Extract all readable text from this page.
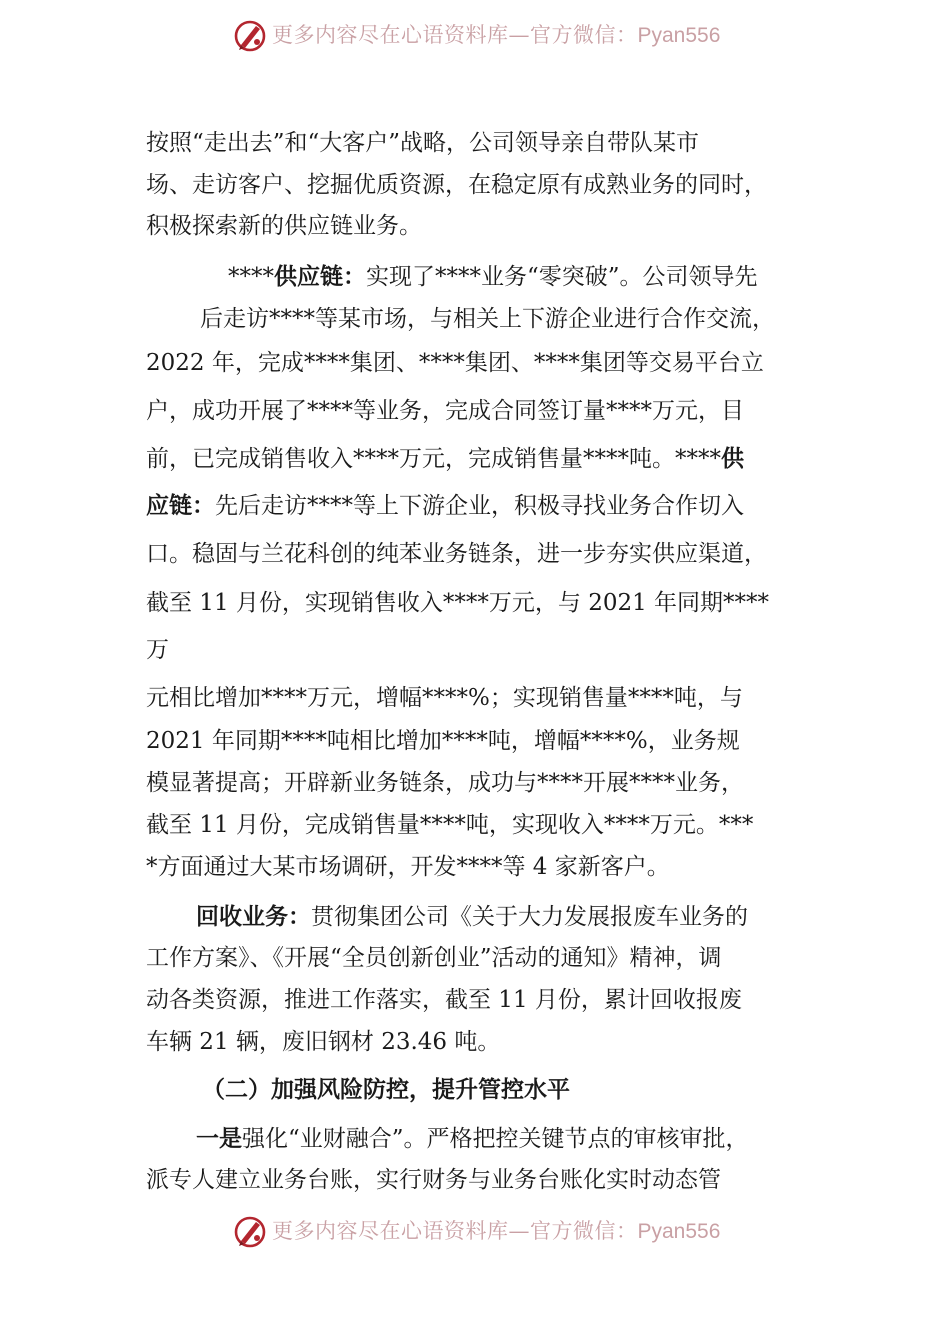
更多内容尽在心语资料库—官方微信：Pyan556
按照“走出去”和“大客户”战略，公司领导亲自带队某市
场、走访客户、挖掘优质资源，在稳定原有成熟业务的同时，
积极探索新的供应链业务。
****供应链：实现了****业务“零突破”。公司领导先
后走访****等某市场，与相关上下游企业进行合作交流，
2022 年，完成****集团、****集团、****集团等交易平台立
户，成功开展了****等业务，完成合同签订量****万元，目
前，已完成销售收入****万元，完成销售量****吨。****供
应链：先后走访****等上下游企业，积极寻找业务合作切入
口。稳固与兰花科创的纯苯业务链条，进一步夯实供应渠道，
截至 11 月份，实现销售收入****万元，与 2021 年同期****
万
元相比增加****万元，增幅****%；实现销售量****吨，与
2021 年同期****吨相比增加****吨，增幅****%，业务规
模显著提高；开辟新业务链条，成功与****开展****业务，
截至 11 月份，完成销售量****吨，实现收入****万元。***
*方面通过大某市场调研，开发****等 4 家新客户。
回收业务：贯彻集团公司《关于大力发展报废车业务的
工作方案》、《开展“全员创新创业”活动的通知》精神，调
动各类资源，推进工作落实，截至 11 月份，累计回收报废
车辆 21 辆，废旧钢材 23.46 吨。
（二）加强风险防控，提升管控水平
一是强化“业财融合”。严格把控关键节点的审核审批，
派专人建立业务台账，实行财务与业务台账化实时动态管
更多内容尽在心语资料库—官方微信：Pyan556
